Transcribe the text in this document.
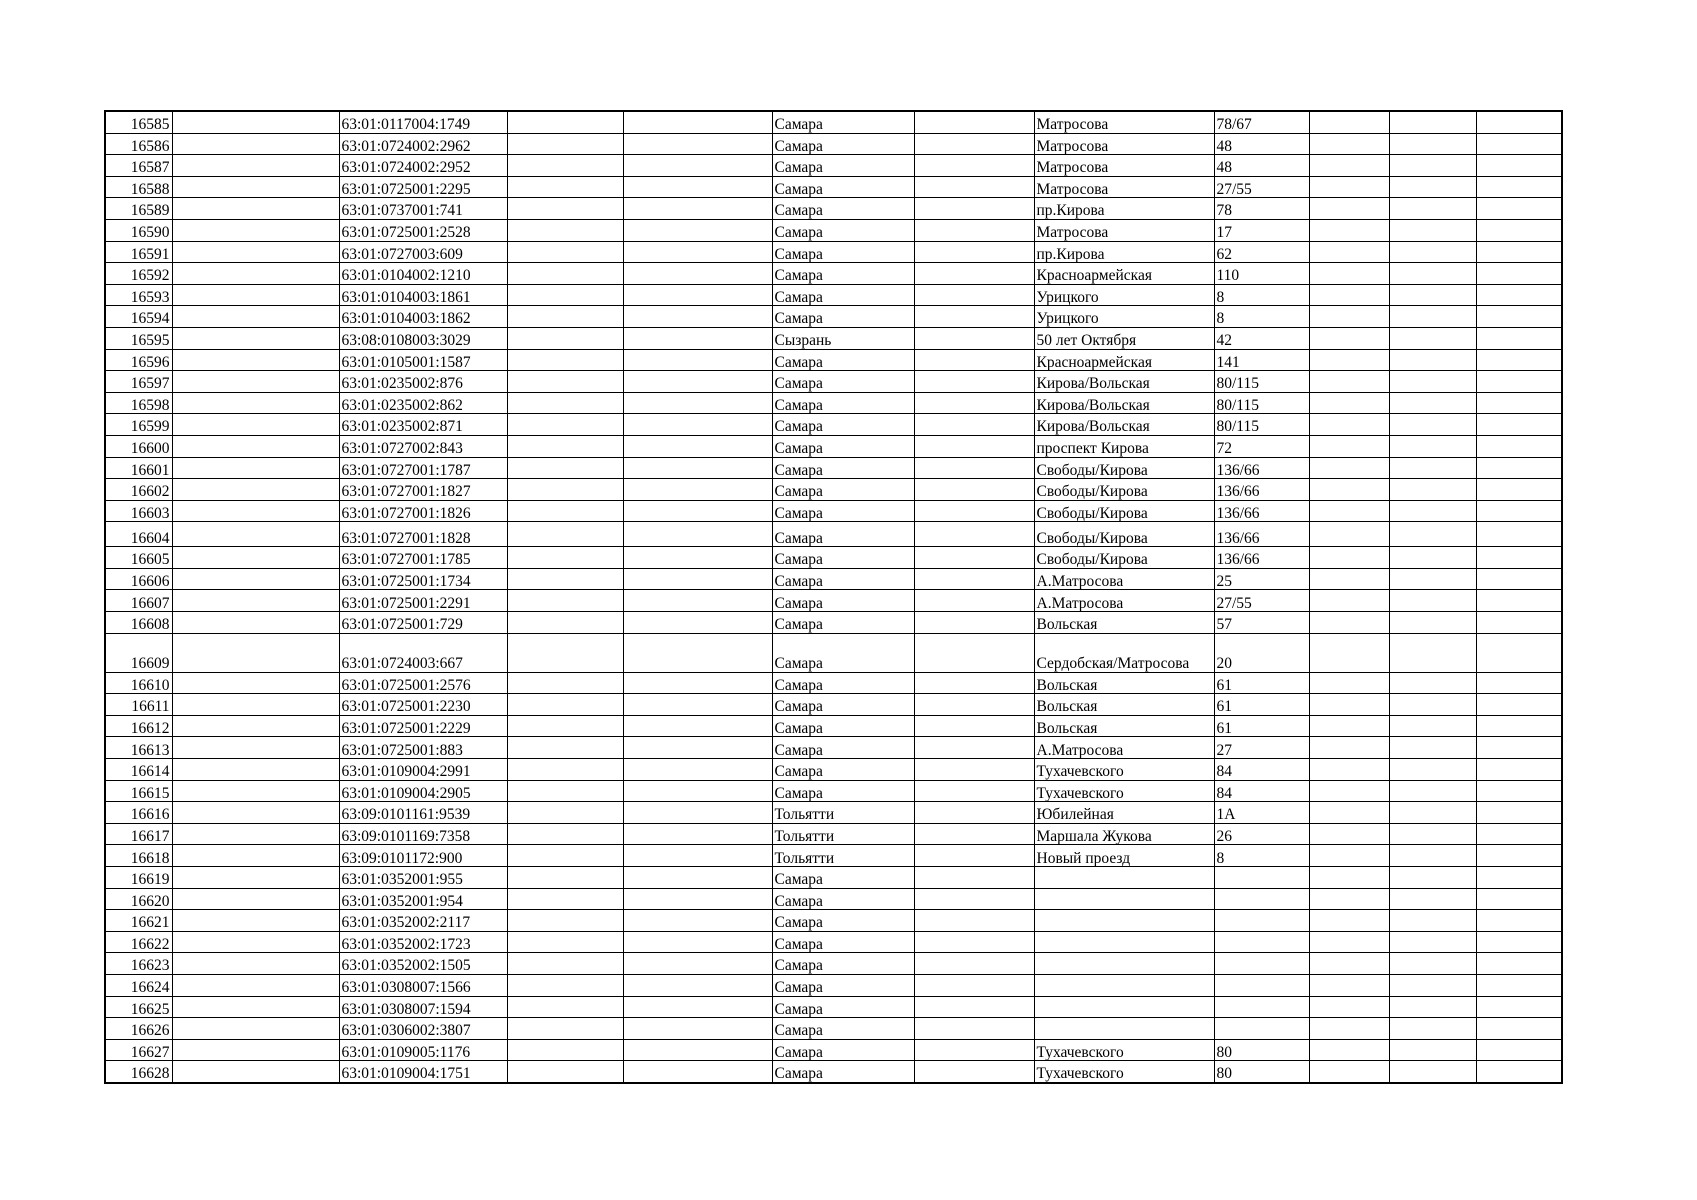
16585		63:01:0117004:1749			Самара		Матросова	78/67			
16586		63:01:0724002:2962			Самара		Матросова	48			
16587		63:01:0724002:2952			Самара		Матросова	48			
16588		63:01:0725001:2295			Самара		Матросова	27/55			
16589		63:01:0737001:741			Самара		пр.Кирова	78			
16590		63:01:0725001:2528			Самара		Матросова	17			
16591		63:01:0727003:609			Самара		пр.Кирова	62			
16592		63:01:0104002:1210			Самара		Красноармейская	110			
16593		63:01:0104003:1861			Самара		Урицкого	8			
16594		63:01:0104003:1862			Самара		Урицкого	8			
16595		63:08:0108003:3029			Сызрань		50 лет Октября	42			
16596		63:01:0105001:1587			Самара		Красноармейская	141			
16597		63:01:0235002:876			Самара		Кирова/Вольская	80/115			
16598		63:01:0235002:862			Самара		Кирова/Вольская	80/115			
16599		63:01:0235002:871			Самара		Кирова/Вольская	80/115			
16600		63:01:0727002:843			Самара		проспект Кирова	72			
16601		63:01:0727001:1787			Самара		Свободы/Кирова	136/66			
16602		63:01:0727001:1827			Самара		Свободы/Кирова	136/66			
16603		63:01:0727001:1826			Самара		Свободы/Кирова	136/66			
16604		63:01:0727001:1828			Самара		Свободы/Кирова	136/66			
16605		63:01:0727001:1785			Самара		Свободы/Кирова	136/66			
16606		63:01:0725001:1734			Самара		А.Матросова	25			
16607		63:01:0725001:2291			Самара		А.Матросова	27/55			
16608		63:01:0725001:729			Самара		Вольская	57			
16609		63:01:0724003:667			Самара		Сердобская/Матросова	20			
16610		63:01:0725001:2576			Самара		Вольская	61			
16611		63:01:0725001:2230			Самара		Вольская	61			
16612		63:01:0725001:2229			Самара		Вольская	61			
16613		63:01:0725001:883			Самара		А.Матросова	27			
16614		63:01:0109004:2991			Самара		Тухачевского	84			
16615		63:01:0109004:2905			Самара		Тухачевского	84			
16616		63:09:0101161:9539			Тольятти		Юбилейная	1А			
16617		63:09:0101169:7358			Тольятти		Маршала Жукова	26			
16618		63:09:0101172:900			Тольятти		Новый проезд	8			
16619		63:01:0352001:955			Самара						
16620		63:01:0352001:954			Самара						
16621		63:01:0352002:2117			Самара						
16622		63:01:0352002:1723			Самара						
16623		63:01:0352002:1505			Самара						
16624		63:01:0308007:1566			Самара						
16625		63:01:0308007:1594			Самара						
16626		63:01:0306002:3807			Самара						
16627		63:01:0109005:1176			Самара		Тухачевского	80			
16628		63:01:0109004:1751			Самара		Тухачевского	80			
